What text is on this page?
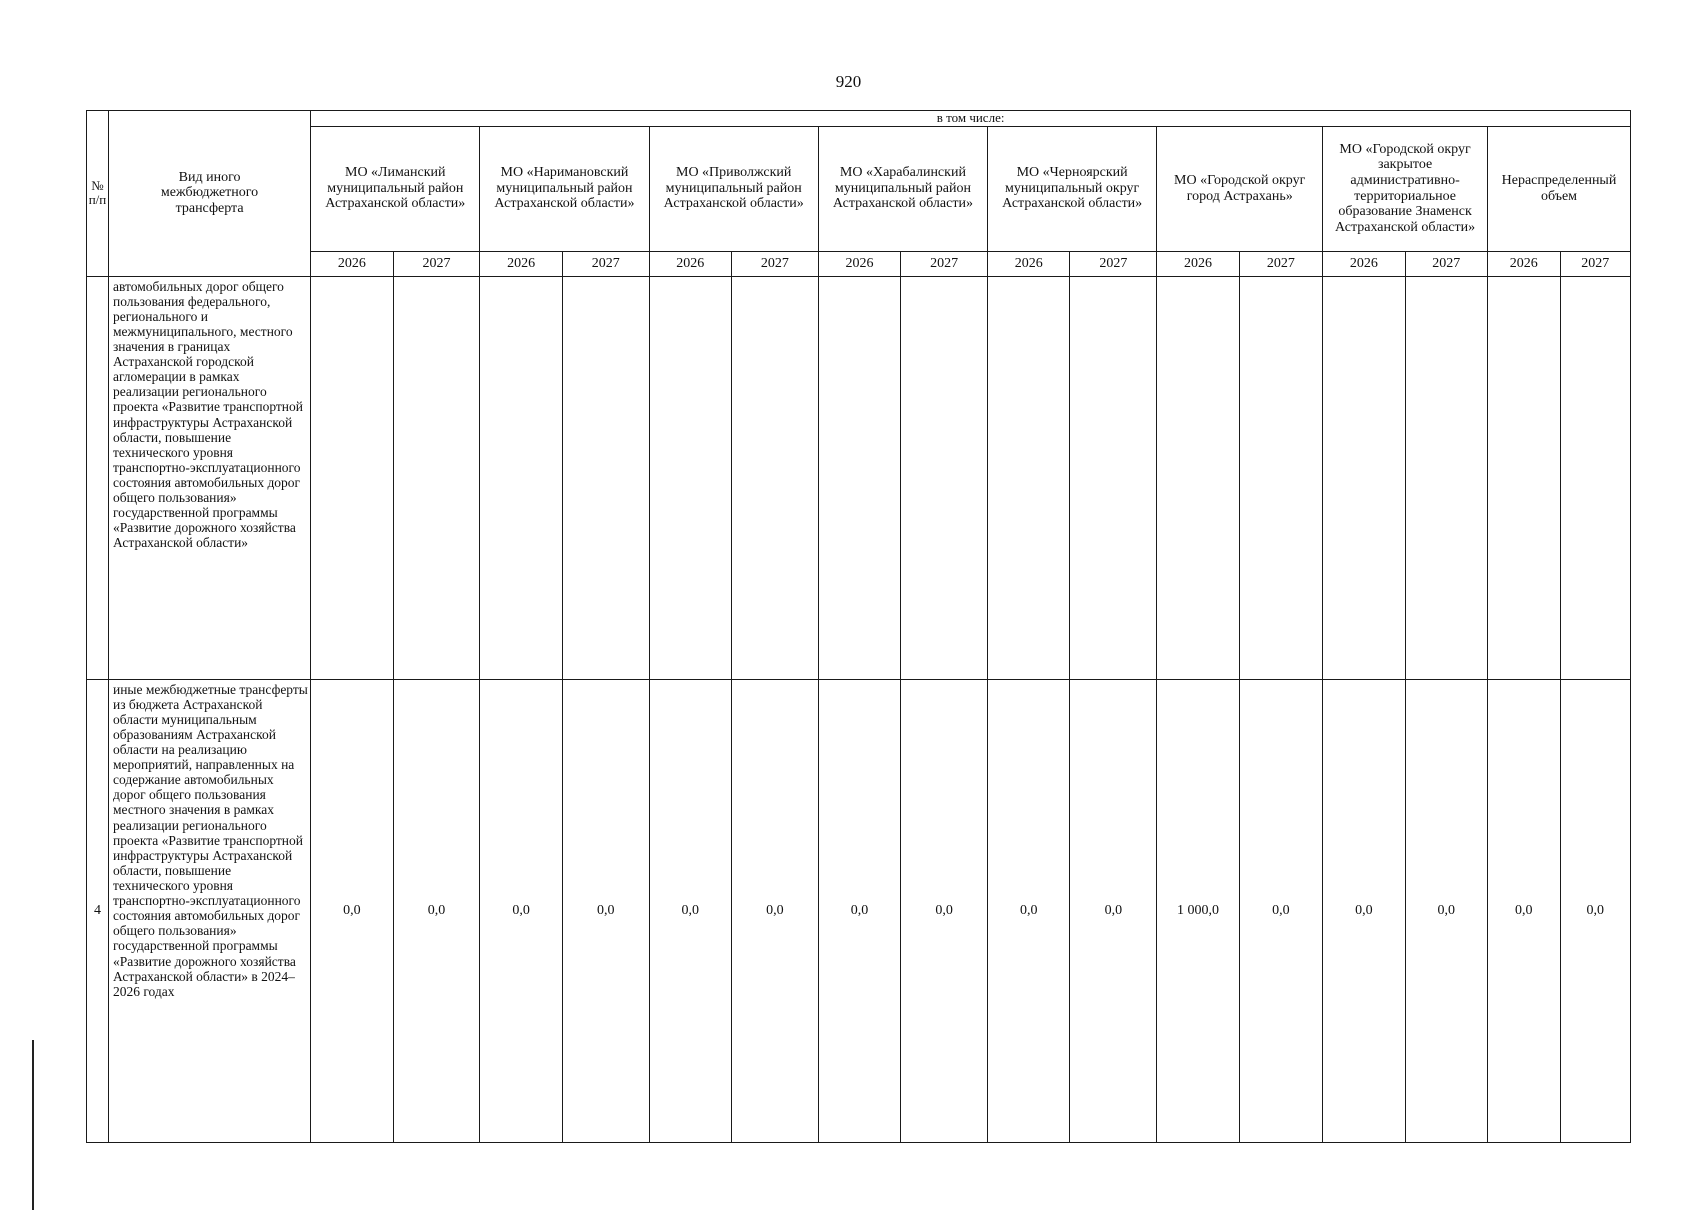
920
№
п/п	Вид иного
межбюджетного
трансферта	в том числе:															
		МО «Лиманский муниципальный район Астраханской области»		МО «Наримановский муниципальный район Астраханской области»		МО «Приволжский муниципальный район Астраханской области»		МО «Харабалинский муниципальный район Астраханской области»		МО «Черноярский муниципальный округ Астраханской области»		МО «Городской округ город Астрахань»		МО «Городской округ закрытое административно-территориальное образование Знаменск Астраханской области»		Нераспределенный объем	
		2026	2027	2026	2027	2026	2027	2026	2027	2026	2027	2026	2027	2026	2027	2026	2027
	автомобильных дорог общего пользования федерального, регионального и межмуниципального, местного значения в границах Астраханской городской агломерации в рамках реализации регионального проекта «Развитие транспортной инфраструктуры Астраханской области, повышение технического уровня транспортно-эксплуатационного состояния автомобильных дорог общего пользования» государственной программы «Развитие дорожного хозяйства Астраханской области»																
4	иные межбюджетные трансферты из бюджета Астраханской области муниципальным образованиям Астраханской области на реализацию мероприятий, направленных на содержание автомобильных дорог общего пользования местного значения в рамках реализации регионального проекта «Развитие транспортной инфраструктуры Астраханской области, повышение технического уровня транспортно-эксплуатационного состояния автомобильных дорог общего пользования» государственной программы «Развитие дорожного хозяйства Астраханской области» в 2024–2026 годах	0,0	0,0	0,0	0,0	0,0	0,0	0,0	0,0	0,0	0,0	1 000,0	0,0	0,0	0,0	0,0	0,0
